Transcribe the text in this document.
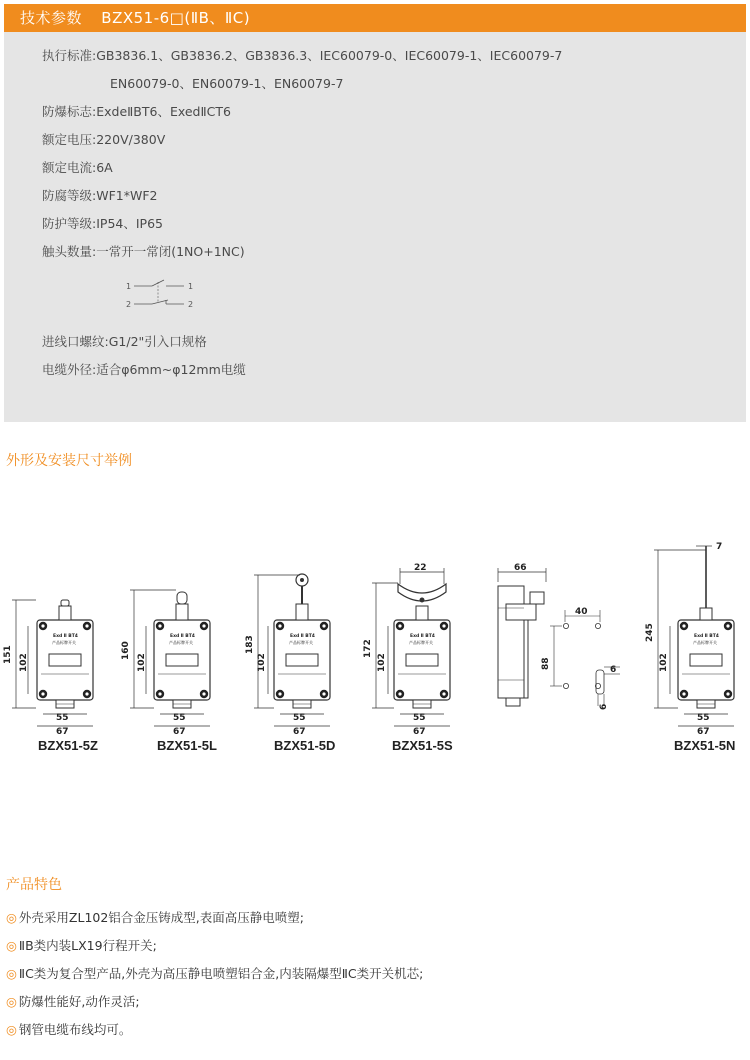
技术参数 BZX51-6□(ⅡB、ⅡC)
执行标准:GB3836.1、GB3836.2、GB3836.3、IEC60079-0、IEC60079-1、IEC60079-7
EN60079-0、EN60079-1、EN60079-7
防爆标志:ExdeⅡBT6、ExedⅡCT6
额定电压:220V/380V
额定电流:6A
防腐等级:WF1*WF2
防护等级:IP54、IP65
触头数量:一常开一常闭(1NO+1NC)
1
2
1
2
进线口螺纹:G1/2"引入口规格
电缆外径:适合φ6mm~φ12mm电缆
外形及安装尺寸举例
Exd Ⅱ BT4
产品标牌开关
151 102
55
67
Exd Ⅱ BT4
产品标牌开关
160
102
55
67
Exd Ⅱ BT4
产品标牌开关
183
102
55
67
Exd Ⅱ BT4
产品标牌开关
22
172
102
55
67
66
40
88	6
6
Exd Ⅱ BT4
产品标牌开关
7
245
102
55
67
BZX51-5Z	BZX51-5L	BZX51-5D	BZX51-5S	BZX51-5N
产品特色
◎ 外壳采用ZL102铝合金压铸成型,表面高压静电喷塑;
◎ ⅡB类内装LX19行程开关;
◎ ⅡC类为复合型产品,外壳为高压静电喷塑铝合金,内装隔爆型ⅡC类开关机芯;
◎ 防爆性能好,动作灵活;
◎ 钢管电缆布线均可。
